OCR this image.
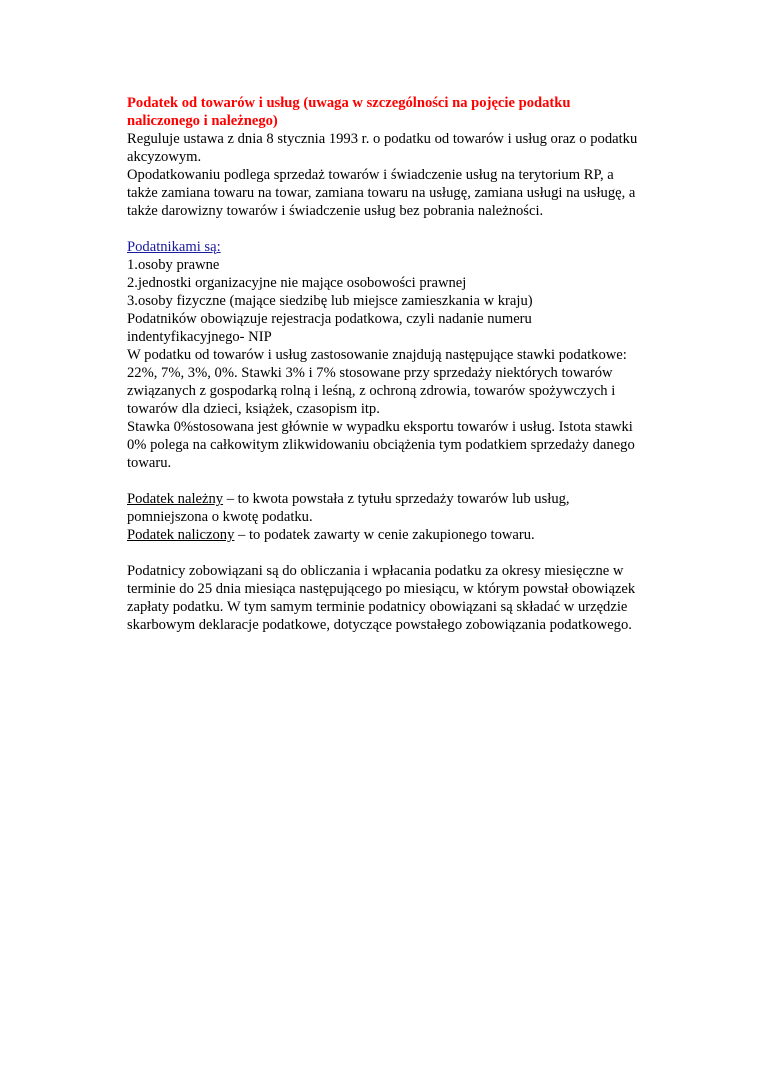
Podatek od towarów i usług (uwaga w szczególności na pojęcie podatku naliczonego i należnego)

Reguluje ustawa z dnia 8 stycznia 1993 r. o podatku od towarów i usług oraz o podatku akcyzowym.

Opodatkowaniu podlega sprzedaż towarów i świadczenie usług na terytorium RP, a także zamiana towaru na towar, zamiana towaru na usługę, zamiana usługi na usługę, a także darowizny towarów i świadczenie usług bez pobrania należności.

Podatnikami są:

1.osoby prawne

2.jednostki organizacyjne nie mające osobowości prawnej

3.osoby fizyczne (mające siedzibę lub miejsce zamieszkania w kraju)

Podatników obowiązuje rejestracja podatkowa, czyli nadanie numeru indentyfikacyjnego- NIP

W podatku od towarów i usług zastosowanie znajdują następujące stawki podatkowe: 22%, 7%, 3%, 0%. Stawki 3% i 7% stosowane przy sprzedaży niektórych towarów związanych z gospodarką rolną i leśną, z ochroną zdrowia, towarów spożywczych i towarów dla dzieci, książek, czasopism itp.

Stawka 0%stosowana jest głównie w wypadku eksportu towarów i usług. Istota stawki 0% polega na całkowitym zlikwidowaniu obciążenia tym podatkiem sprzedaży danego towaru.

Podatek należny – to kwota powstała z tytułu sprzedaży towarów lub usług, pomniejszona o kwotę podatku.

Podatek naliczony – to podatek zawarty w cenie zakupionego towaru.

Podatnicy zobowiązani są do obliczania i wpłacania podatku za okresy miesięczne w terminie do 25 dnia miesiąca następującego po miesiącu, w którym powstał obowiązek zapłaty podatku. W tym samym terminie podatnicy obowiązani są składać w urzędzie skarbowym deklaracje podatkowe, dotyczące powstałego zobowiązania podatkowego.
